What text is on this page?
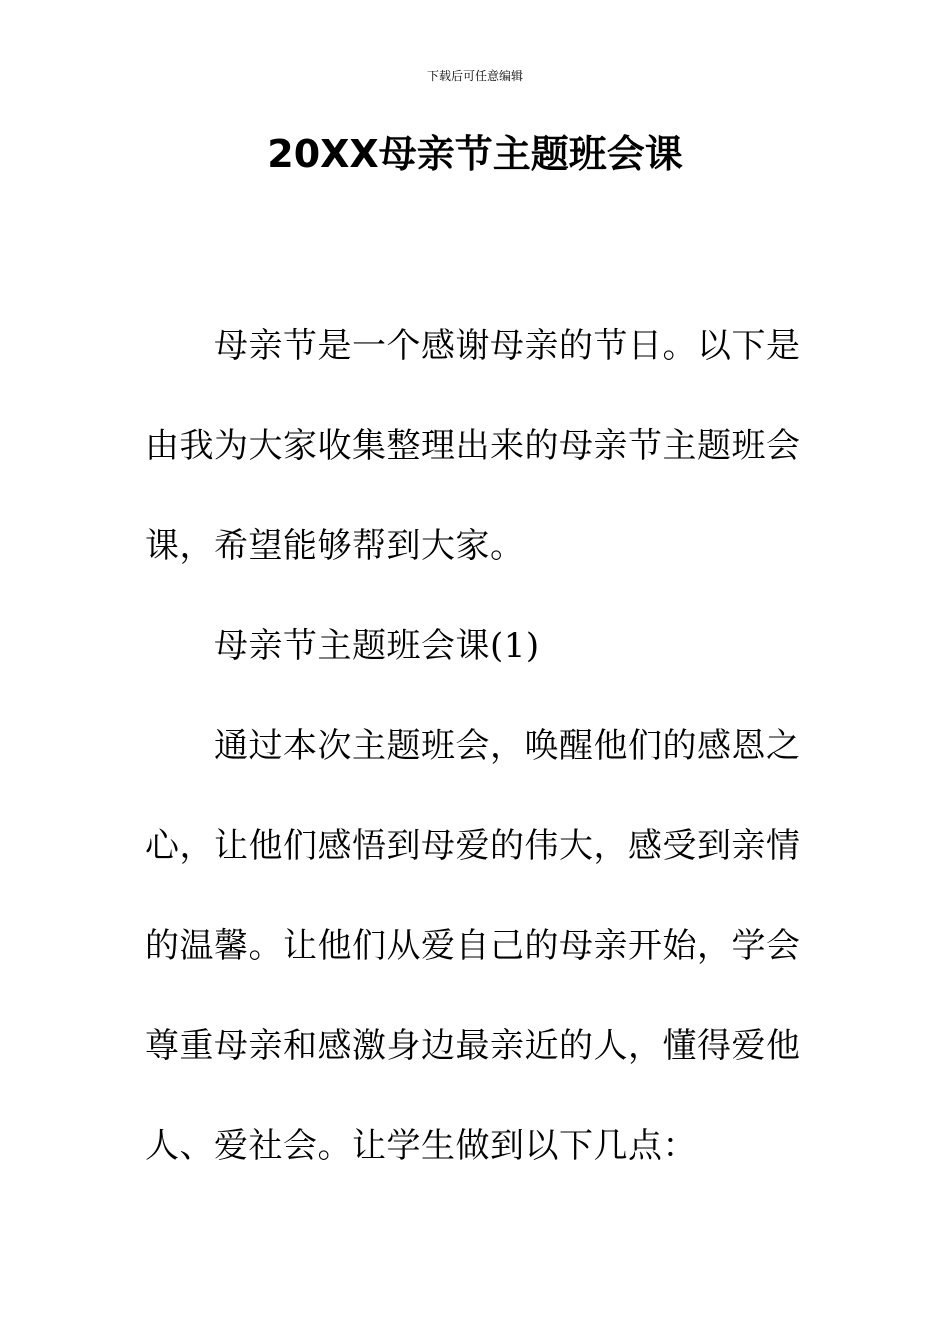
下载后可任意编辑
20XX母亲节主题班会课

母亲节是一个感谢母亲的节日。以下是由我为大家收集整理出来的母亲节主题班会课，希望能够帮到大家。

母亲节主题班会课(1)

通过本次主题班会，唤醒他们的感恩之心，让他们感悟到母爱的伟大，感受到亲情的温馨。让他们从爱自己的母亲开始，学会尊重母亲和感激身边最亲近的人，懂得爱他人、爱社会。让学生做到以下几点：
